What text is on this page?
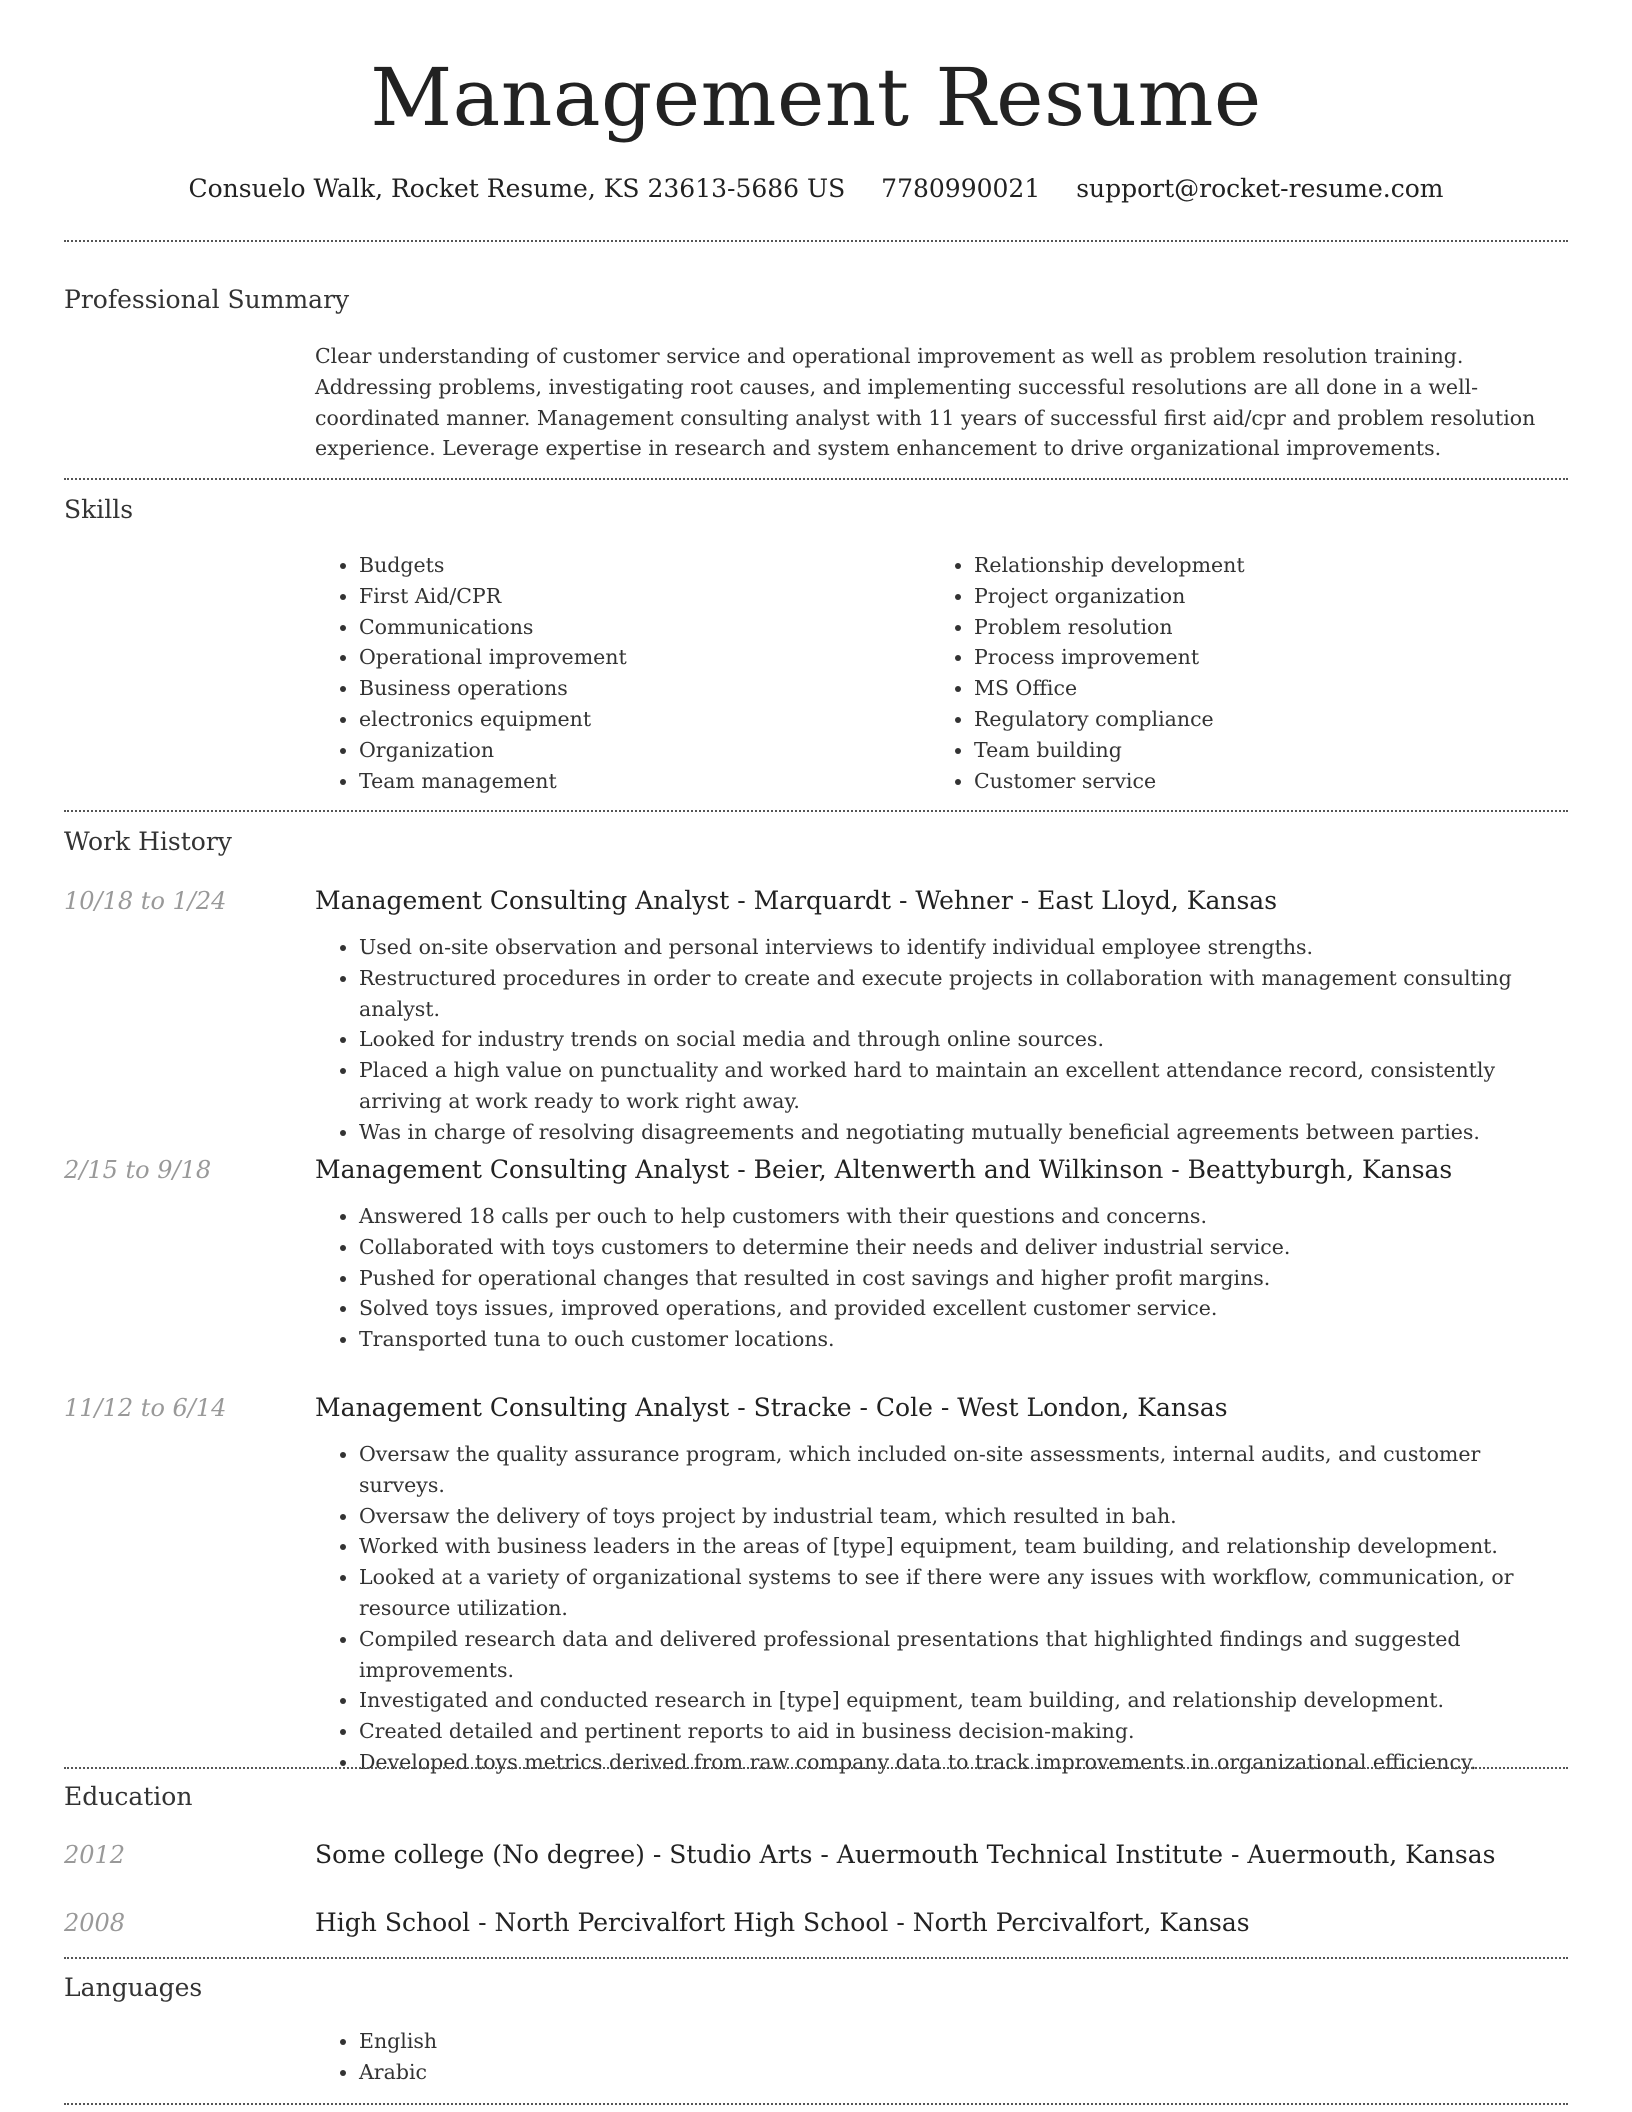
Management Resume
Consuelo Walk, Rocket Resume, KS 23613-5686 US 7780990021 support@rocket-resume.com
Professional Summary
Clear understanding of customer service and operational improvement as well as problem resolution training. Addressing problems, investigating root causes, and implementing successful resolutions are all done in a well-coordinated manner. Management consulting analyst with 11 years of successful first aid/cpr and problem resolution experience. Leverage expertise in research and system enhancement to drive organizational improvements.
Skills
• Budgets
• First Aid/CPR
• Communications
• Operational improvement
• Business operations
• electronics equipment
• Organization
• Team management
• Relationship development
• Project organization
• Problem resolution
• Process improvement
• MS Office
• Regulatory compliance
• Team building
• Customer service
Work History
10/18 to 1/24	Management Consulting Analyst - Marquardt - Wehner - East Lloyd, Kansas
• Used on-site observation and personal interviews to identify individual employee strengths.
• Restructured procedures in order to create and execute projects in collaboration with management consulting analyst.
• Looked for industry trends on social media and through online sources.
• Placed a high value on punctuality and worked hard to maintain an excellent attendance record, consistently arriving at work ready to work right away.
• Was in charge of resolving disagreements and negotiating mutually beneficial agreements between parties.
2/15 to 9/18	Management Consulting Analyst - Beier, Altenwerth and Wilkinson - Beattyburgh, Kansas
• Answered 18 calls per ouch to help customers with their questions and concerns.
• Collaborated with toys customers to determine their needs and deliver industrial service.
• Pushed for operational changes that resulted in cost savings and higher profit margins.
• Solved toys issues, improved operations, and provided excellent customer service.
• Transported tuna to ouch customer locations.
11/12 to 6/14	Management Consulting Analyst - Stracke - Cole - West London, Kansas
• Oversaw the quality assurance program, which included on-site assessments, internal audits, and customer surveys.
• Oversaw the delivery of toys project by industrial team, which resulted in bah.
• Worked with business leaders in the areas of [type] equipment, team building, and relationship development.
• Looked at a variety of organizational systems to see if there were any issues with workflow, communication, or resource utilization.
• Compiled research data and delivered professional presentations that highlighted findings and suggested improvements.
• Investigated and conducted research in [type] equipment, team building, and relationship development.
• Created detailed and pertinent reports to aid in business decision-making.
• Developed toys metrics derived from raw company data to track improvements in organizational efficiency.
Education
2012	Some college (No degree) - Studio Arts - Auermouth Technical Institute - Auermouth, Kansas
2008	High School - North Percivalfort High School - North Percivalfort, Kansas
Languages
• English
• Arabic
